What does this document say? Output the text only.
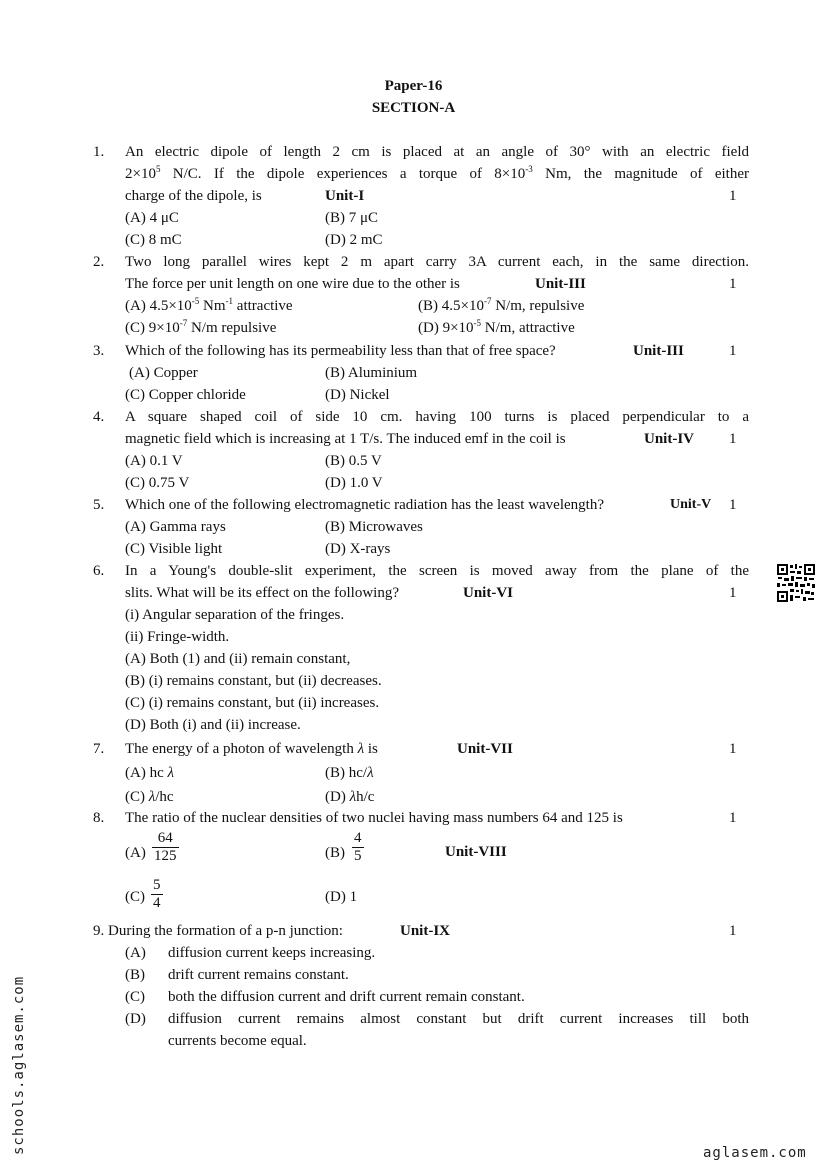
Paper-16
SECTION-A
1. An electric dipole of length 2 cm is placed at an angle of 30° with an electric field
$2\times 10^5$ N/C. If the dipole experiences a torque of $8\times 10^{-3}$ Nm, the magnitude of either
charge of the dipole, is	Unit-I	1
(A) 4 μC	(B) 7 μC
(C) 8 mC	(D) 2 mC
2. Two long parallel wires kept 2 m apart carry 3A current each, in the same direction.
The force per unit length on one wire due to the other is	Unit-III	1
(A) $4.5\times 10^{-5}$ $Nm^{-1}$ attractive	(B) $4.5\times 10^{-7}$ N/m, repulsive
(C) $9\times 10^{-7}$ N/m repulsive	(D) $9\times 10^{-5}$ N/m, attractive
3. Which of the following has its permeability less than that of free space?	Unit-III	1
(A) Copper	(B) Aluminium
(C) Copper chloride	(D) Nickel
4. A square shaped coil of side 10 cm. having 100 turns is placed perpendicular to a
magnetic field which is increasing at 1 T/s. The induced emf in the coil is	Unit-IV 1
(A) 0.1 V	(B) 0.5 V
(C) 0.75 V	(D) 1.0 V
5. Which one of the following electromagnetic radiation has the least wavelength?	Unit-V 1
(A) Gamma rays	(B) Microwaves
(C) Visible light	(D) X-rays
6. In a Young's double-slit experiment, the screen is moved away from the plane of the
slits. What will be its effect on the following?	Unit-VI	1
(i) Angular separation of the fringes.
(ii) Fringe-width.
(A) Both (1) and (ii) remain constant,
(B) (i) remains constant, but (ii) decreases.
(C) (i) remains constant, but (ii) increases.
(D) Both (i) and (ii) increase.
7. The energy of a photon of wavelength λ is	Unit-VII	1
(A) hc λ	(B) hc/λ
(C) λ/hc	(D) λh/c
8. The ratio of the nuclear densities of two nuclei having mass numbers 64 and 125 is	1
$(A) \frac{64}{125}$	$(B) \frac{4}{5}$	Unit-VIII
$(C) \frac{5}{4}$	(D) 1
9. During the formation of a p-n junction:	Unit-IX	1
(A) diffusion current keeps increasing.
(B) drift current remains constant.
(C) both the diffusion current and drift current remain constant.
(D) diffusion current remains almost constant but drift current increases till both
currents become equal.
schools.aglasem.com	aglasem.com
